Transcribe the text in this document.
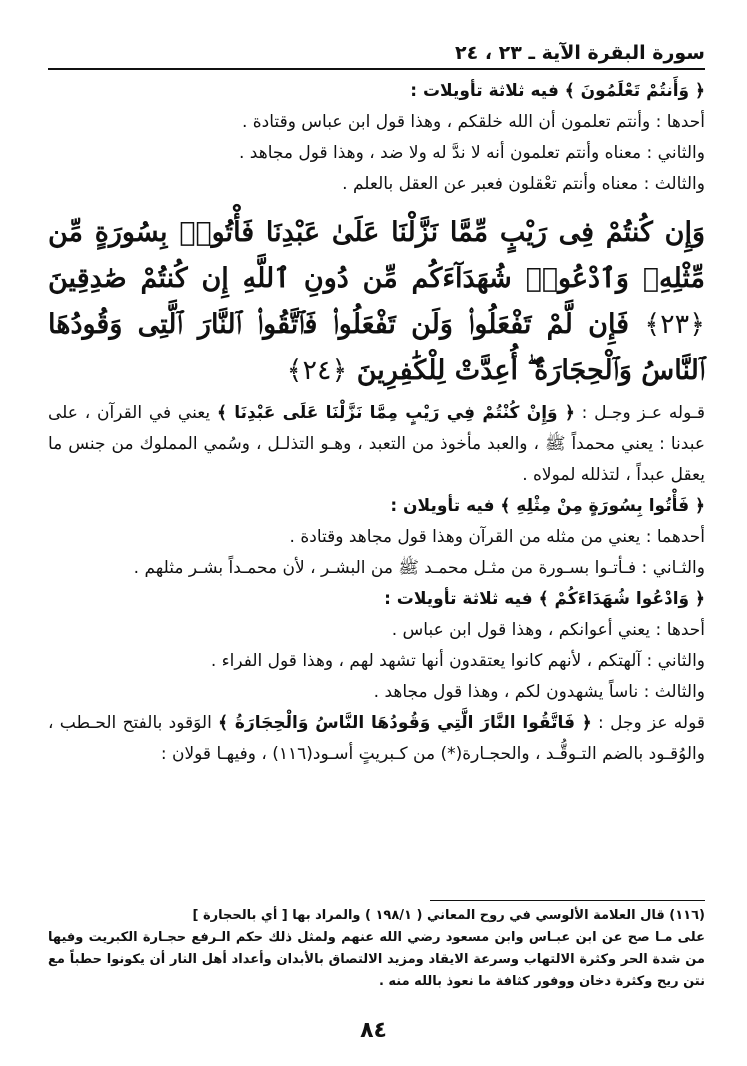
سورة البقرة الآية ـ ٢٣ ، ٢٤

﴿ وَأَنتُمْ تَعْلَمُونَ ﴾ فيه ثلاثة تأويلات :

أحدها : وأنتم تعلمون أن الله خلقكم ، وهذا قول ابن عباس وقتادة .

والثاني : معناه وأنتم تعلمون أنه لا ندَّ له ولا ضد ، وهذا قول مجاهد .

والثالث : معناه وأنتم تعْقلون فعبر عن العقل بالعلم .

وَإِن كُنتُمْ فِى رَيْبٍ مِّمَّا نَزَّلْنَا عَلَىٰ عَبْدِنَا فَأْتُوا۟ بِسُورَةٍ مِّن مِّثْلِهِۦ وَٱدْعُوا۟ شُهَدَآءَكُم مِّن دُونِ ٱللَّهِ إِن كُنتُمْ صَٰدِقِينَ ﴿٢٣﴾ فَإِن لَّمْ تَفْعَلُوا۟ وَلَن تَفْعَلُوا۟ فَٱتَّقُوا۟ ٱلنَّارَ ٱلَّتِى وَقُودُهَا ٱلنَّاسُ وَٱلْحِجَارَةُ ۖ أُعِدَّتْ لِلْكَٰفِرِينَ ﴿٢٤﴾

قـوله عـز وجـل : ﴿ وَإِنْ كُنْتُمْ فِي رَيْبٍ مِمَّا نَزَّلْنَا عَلَى عَبْدِنَا ﴾ يعني في القرآن ، على عبدنا : يعني محمداً ﷺ ، والعبد مأخوذ من التعبد ، وهـو التذلـل ، وسُمي المملوك من جنس ما يعقل عبداً ، لتذلله لمولاه .

﴿ فَأْتُوا بِسُورَةٍ مِنْ مِثْلِهِ ﴾ فيه تأويلان :

أحدهما : يعني من مثله من القرآن وهذا قول مجاهد وقتادة .

والثـاني : فـأتـوا بسـورة من مثـل محمـد ﷺ من البشـر ، لأن محمـداً بشـر مثلهم .

﴿ وَادْعُوا شُهَدَاءَكُمْ ﴾ فيه ثلاثة تأويلات :

أحدها : يعني أعوانكم ، وهذا قول ابن عباس .

والثاني : آلهتكم ، لأنهم كانوا يعتقدون أنها تشهد لهم ، وهذا قول الفراء .

والثالث : ناساً يشهدون لكم ، وهذا قول مجاهد .

قوله عز وجل : ﴿ فَاتَّقُوا النَّارَ الَّتِي وَقُودُهَا النَّاسُ وَالْحِجَارَةُ ﴾ الوَقود بالفتح الحـطب ، والوُقـود بالضم التـوقُّـد ، والحجـارة(*) من كـبريتٍ أسـود(١١٦) ، وفيهـا قولان :

(١١٦) قال العلامة الألوسي في روح المعاني ( ١٩٨/١ ) والمراد بها [ أي بالحجارة ]

على مـا صح عن ابن عبـاس وابن مسعود رضي الله عنهم ولمثل ذلك حكم الـرفع حجـارة الكبريت وفيها من شدة الحر وكثرة الالتهاب وسرعة الايقاد ومزيد الالتصاق بالأبدان وأعداد أهل النار أن يكونوا حطباً مع نتن ريح وكثرة دخان ووفور كثافة ما نعوذ بالله منه .

٨٤
